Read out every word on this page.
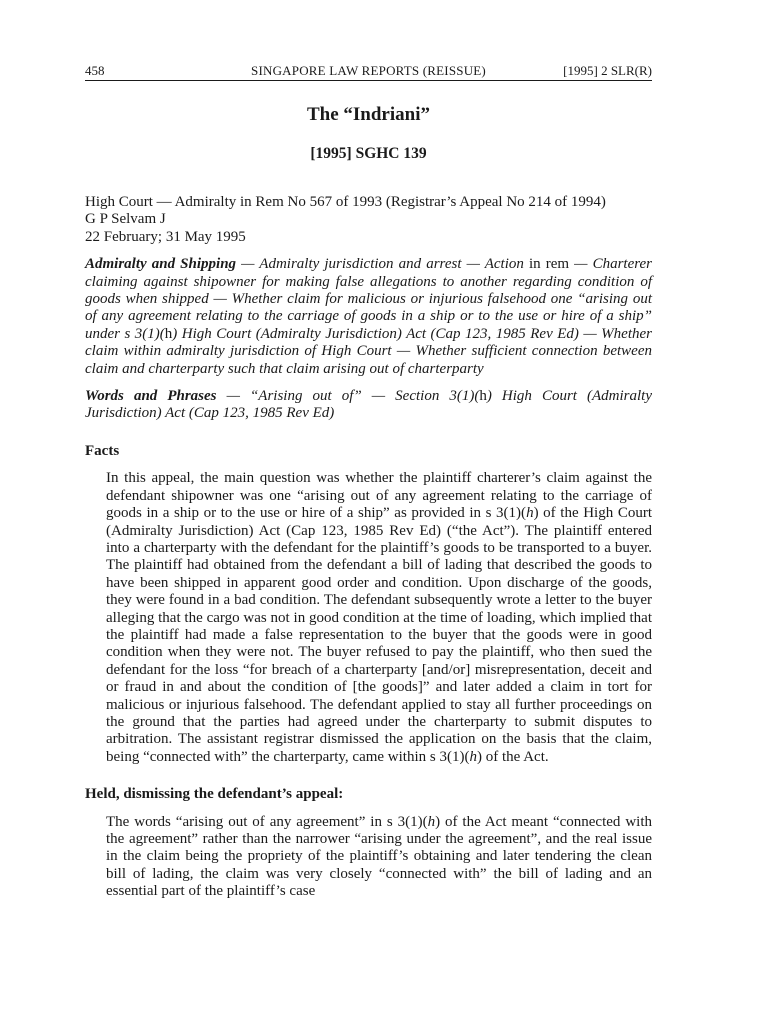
458	SINGAPORE LAW REPORTS (REISSUE)	[1995] 2 SLR(R)
The “Indriani”
[1995] SGHC 139

High Court — Admiralty in Rem No 567 of 1993 (Registrar’s Appeal No 214 of 1994)

G P Selvam J

22 February; 31 May 1995

Admiralty and Shipping — Admiralty jurisdiction and arrest — Action in rem — Charterer claiming against shipowner for making false allegations to another regarding condition of goods when shipped — Whether claim for malicious or injurious falsehood one “arising out of any agreement relating to the carriage of goods in a ship or to the use or hire of a ship” under s 3(1)(h) High Court (Admiralty Jurisdiction) Act (Cap 123, 1985 Rev Ed) — Whether claim within admiralty jurisdiction of High Court — Whether sufficient connection between claim and charterparty such that claim arising out of charterparty

Words and Phrases — “Arising out of” — Section 3(1)(h) High Court (Admiralty Jurisdiction) Act (Cap 123, 1985 Rev Ed)

Facts

In this appeal, the main question was whether the plaintiff charterer’s claim against the defendant shipowner was one “arising out of any agreement relating to the carriage of goods in a ship or to the use or hire of a ship” as provided in s 3(1)(h) of the High Court (Admiralty Jurisdiction) Act (Cap 123, 1985 Rev Ed) (“the Act”). The plaintiff entered into a charterparty with the defendant for the plaintiff’s goods to be transported to a buyer. The plaintiff had obtained from the defendant a bill of lading that described the goods to have been shipped in apparent good order and condition. Upon discharge of the goods, they were found in a bad condition. The defendant subsequently wrote a letter to the buyer alleging that the cargo was not in good condition at the time of loading, which implied that the plaintiff had made a false representation to the buyer that the goods were in good condition when they were not. The buyer refused to pay the plaintiff, who then sued the defendant for the loss “for breach of a charterparty [and/or] misrepresentation, deceit and or fraud in and about the condition of [the goods]” and later added a claim in tort for malicious or injurious falsehood. The defendant applied to stay all further proceedings on the ground that the parties had agreed under the charterparty to submit disputes to arbitration. The assistant registrar dismissed the application on the basis that the claim, being “connected with” the charterparty, came within s 3(1)(h) of the Act.

Held, dismissing the defendant’s appeal:

The words “arising out of any agreement” in s 3(1)(h) of the Act meant “connected with the agreement” rather than the narrower “arising under the agreement”, and the real issue in the claim being the propriety of the plaintiff’s obtaining and later tendering the clean bill of lading, the claim was very closely “connected with” the bill of lading and an essential part of the plaintiff’s case
